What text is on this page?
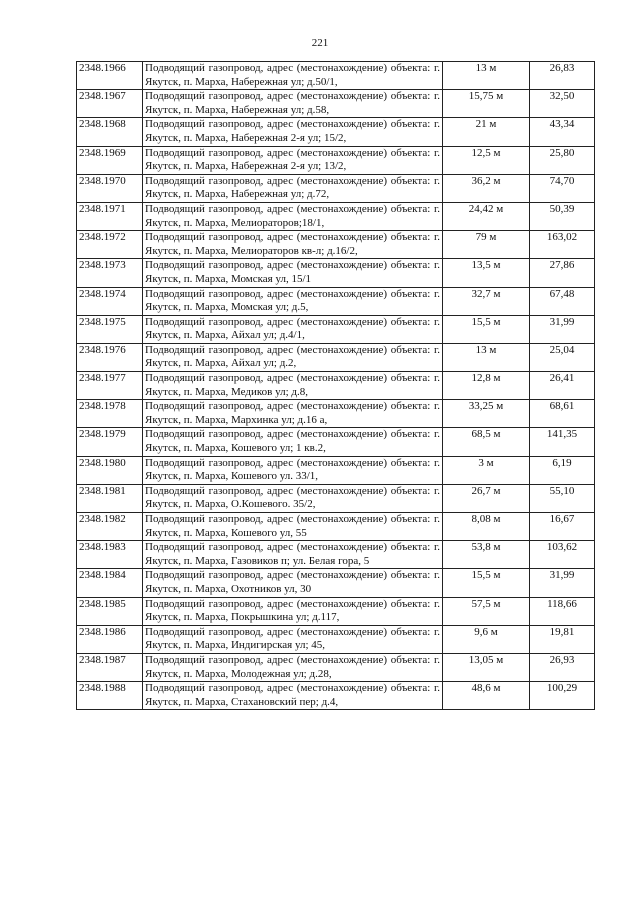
221
2348.1966	Подводящий газопровод, адрес (местонахождение) объекта: г. Якутск, п. Марха, Набережная ул; д.50/1,	13 м	26,83
2348.1967	Подводящий газопровод, адрес (местонахождение) объекта: г. Якутск, п. Марха, Набережная ул; д.58,	15,75 м	32,50
2348.1968	Подводящий газопровод, адрес (местонахождение) объекта: г. Якутск, п. Марха, Набережная 2-я ул; 15/2,	21 м	43,34
2348.1969	Подводящий газопровод, адрес (местонахождение) объекта: г. Якутск, п. Марха, Набережная 2-я ул; 13/2,	12,5 м	25,80
2348.1970	Подводящий газопровод, адрес (местонахождение) объекта: г. Якутск, п. Марха, Набережная ул; д.72,	36,2 м	74,70
2348.1971	Подводящий газопровод, адрес (местонахождение) объекта: г. Якутск, п. Марха, Мелиораторов;18/1,	24,42 м	50,39
2348.1972	Подводящий газопровод, адрес (местонахождение) объекта: г. Якутск, п. Марха, Мелиораторов кв-л; д.16/2,	79 м	163,02
2348.1973	Подводящий газопровод, адрес (местонахождение) объекта: г. Якутск, п. Марха, Момская ул, 15/1	13,5 м	27,86
2348.1974	Подводящий газопровод, адрес (местонахождение) объекта: г. Якутск, п. Марха, Момская ул; д.5,	32,7 м	67,48
2348.1975	Подводящий газопровод, адрес (местонахождение) объекта: г. Якутск, п. Марха, Айхал ул; д.4/1,	15,5 м	31,99
2348.1976	Подводящий газопровод, адрес (местонахождение) объекта: г. Якутск, п. Марха, Айхал ул; д.2,	13 м	25,04
2348.1977	Подводящий газопровод, адрес (местонахождение) объекта: г. Якутск, п. Марха, Медиков ул; д.8,	12,8 м	26,41
2348.1978	Подводящий газопровод, адрес (местонахождение) объекта: г. Якутск, п. Марха, Мархинка ул; д.16 а,	33,25 м	68,61
2348.1979	Подводящий газопровод, адрес (местонахождение) объекта: г. Якутск, п. Марха, Кошевого ул; 1 кв.2,	68,5 м	141,35
2348.1980	Подводящий газопровод, адрес (местонахождение) объекта: г. Якутск, п. Марха, Кошевого ул. 33/1,	3 м	6,19
2348.1981	Подводящий газопровод, адрес (местонахождение) объекта: г. Якутск, п. Марха, О.Кошевого. 35/2,	26,7 м	55,10
2348.1982	Подводящий газопровод, адрес (местонахождение) объекта: г. Якутск, п. Марха, Кошевого ул, 55	8,08 м	16,67
2348.1983	Подводящий газопровод, адрес (местонахождение) объекта: г. Якутск, п. Марха, Газовиков п; ул. Белая гора, 5	53,8 м	103,62
2348.1984	Подводящий газопровод, адрес (местонахождение) объекта: г. Якутск, п. Марха, Охотников ул, 30	15,5 м	31,99
2348.1985	Подводящий газопровод, адрес (местонахождение) объекта: г. Якутск, п. Марха, Покрышкина ул; д.117,	57,5 м	118,66
2348.1986	Подводящий газопровод, адрес (местонахождение) объекта: г. Якутск, п. Марха, Индигирская ул; 45,	9,6 м	19,81
2348.1987	Подводящий газопровод, адрес (местонахождение) объекта: г. Якутск, п. Марха, Молодежная ул; д.28,	13,05 м	26,93
2348.1988	Подводящий газопровод, адрес (местонахождение) объекта: г. Якутск, п. Марха, Стахановский пер; д.4,	48,6 м	100,29
